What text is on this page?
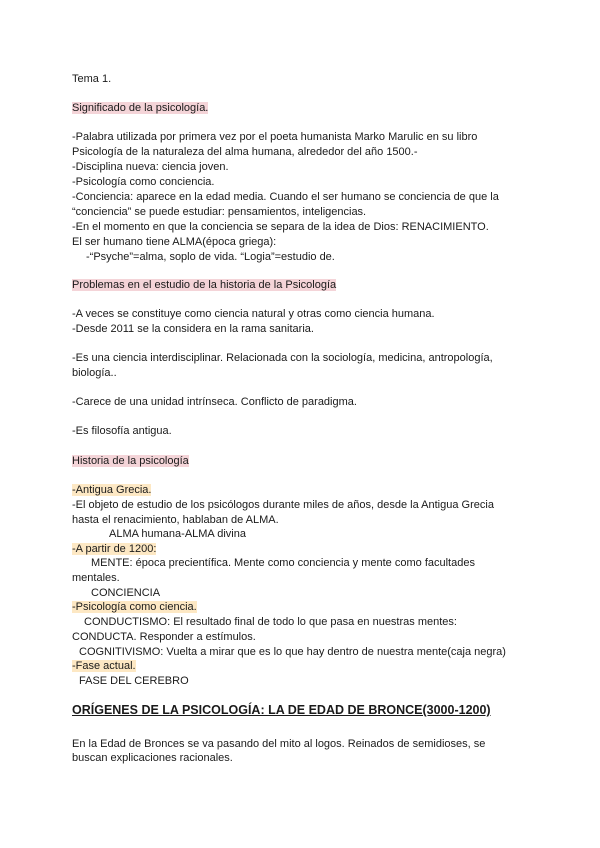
Tema 1.
Significado de la psicología.
-Palabra utilizada por primera vez por el poeta humanista Marko Marulic en su libro
Psicología de la naturaleza del alma humana, alrededor del año 1500.-
-Disciplina nueva: ciencia joven.
-Psicología como conciencia.
-Conciencia: aparece en la edad media. Cuando el ser humano se conciencia de que la
“conciencia” se puede estudiar: pensamientos, inteligencias.
-En el momento en que la conciencia se separa de la idea de Dios: RENACIMIENTO.
El ser humano tiene ALMA(época griega):
-“Psyche”=alma, soplo de vida. “Logia”=estudio de.
Problemas en el estudio de la historia de la Psicología
-A veces se constituye como ciencia natural y otras como ciencia humana.
-Desde 2011 se la considera en la rama sanitaria.
-Es una ciencia interdisciplinar. Relacionada con la sociología, medicina, antropología,
biología..
-Carece de una unidad intrínseca. Conflicto de paradigma.
-Es filosofía antigua.
Historia de la psicología
-Antigua Grecia.
-El objeto de estudio de los psicólogos durante miles de años, desde la Antigua Grecia
hasta el renacimiento, hablaban de ALMA.
ALMA humana-ALMA divina
-A partir de 1200:
MENTE: época precientífica. Mente como conciencia y mente como facultades
mentales.
CONCIENCIA
-Psicología como ciencia.
CONDUCTISMO: El resultado final de todo lo que pasa en nuestras mentes:
CONDUCTA. Responder a estímulos.
COGNITIVISMO: Vuelta a mirar que es lo que hay dentro de nuestra mente(caja negra)
-Fase actual.
FASE DEL CEREBRO
ORÍGENES DE LA PSICOLOGÍA: LA DE EDAD DE BRONCE(3000-1200)
En la Edad de Bronces se va pasando del mito al logos. Reinados de semidioses, se
buscan explicaciones racionales.
